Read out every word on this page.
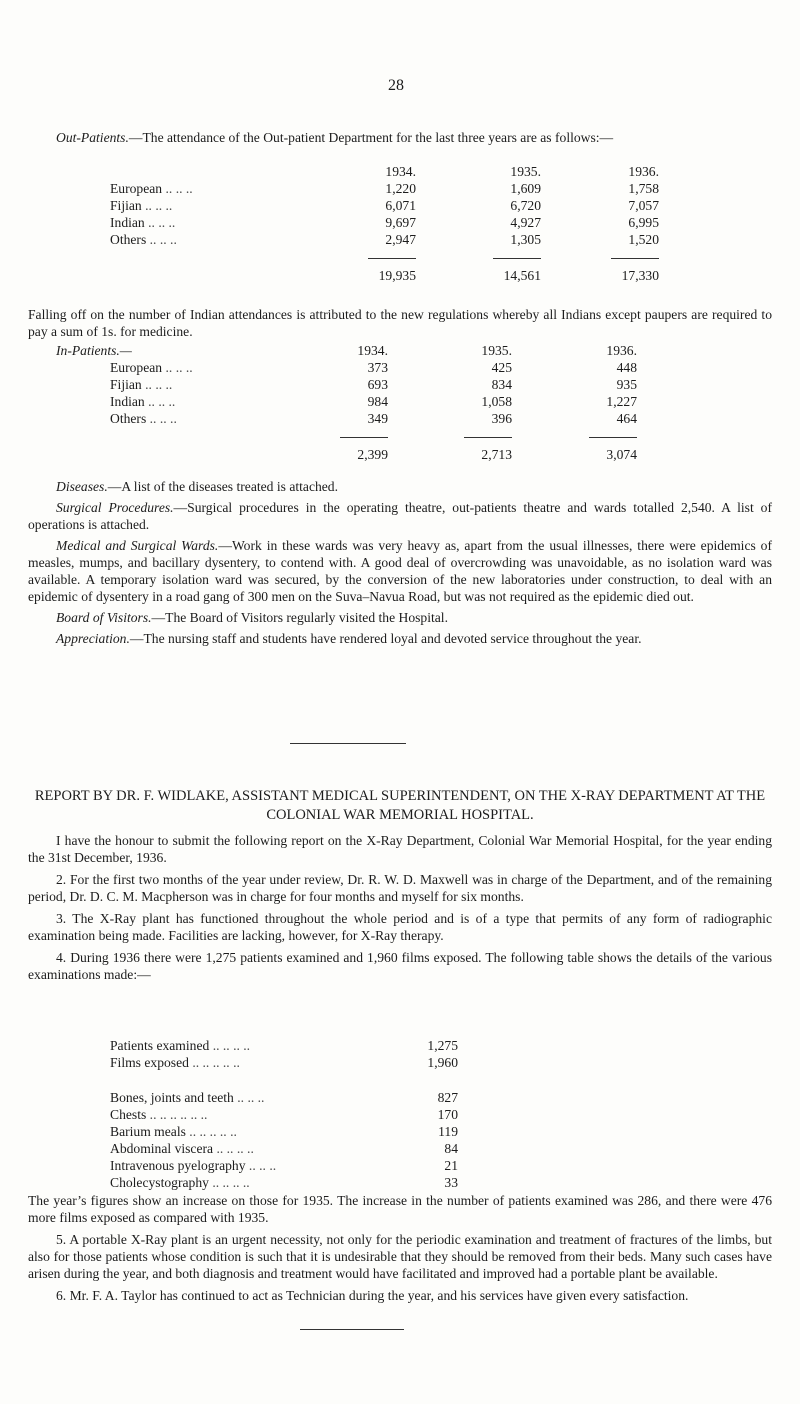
28

Out-Patients.—The attendance of the Out-patient Department for the last three years are as follows:—

	1934.	1935.	1936.
European .. .. ..	1,220	1,609	1,758
Fijian .. .. ..	6,071	6,720	7,057
Indian .. .. ..	9,697	4,927	6,995
Others .. .. ..	2,947	1,305	1,520

	19,935	14,561	17,330

Falling off on the number of Indian attendances is attributed to the new regulations whereby all Indians except paupers are required to pay a sum of 1s. for medicine.

In-Patients.—	1934.	1935.	1936.
European .. .. ..	373	425	448
Fijian .. .. ..	693	834	935
Indian .. .. ..	984	1,058	1,227
Others .. .. ..	349	396	464

	2,399	2,713	3,074

Diseases.—A list of the diseases treated is attached.

Surgical Procedures.—Surgical procedures in the operating theatre, out-patients theatre and wards totalled 2,540. A list of operations is attached.

Medical and Surgical Wards.—Work in these wards was very heavy as, apart from the usual illnesses, there were epidemics of measles, mumps, and bacillary dysentery, to contend with. A good deal of overcrowding was unavoidable, as no isolation ward was available. A temporary isolation ward was secured, by the conversion of the new laboratories under construction, to deal with an epidemic of dysentery in a road gang of 300 men on the Suva–Navua Road, but was not required as the epidemic died out.

Board of Visitors.—The Board of Visitors regularly visited the Hospital.

Appreciation.—The nursing staff and students have rendered loyal and devoted service throughout the year.

REPORT BY DR. F. WIDLAKE, ASSISTANT MEDICAL SUPERINTENDENT, ON THE X-RAY DEPARTMENT AT THE COLONIAL WAR MEMORIAL HOSPITAL.

I have the honour to submit the following report on the X-Ray Department, Colonial War Memorial Hospital, for the year ending the 31st December, 1936.

2. For the first two months of the year under review, Dr. R. W. D. Maxwell was in charge of the Department, and of the remaining period, Dr. D. C. M. Macpherson was in charge for four months and myself for six months.

3. The X-Ray plant has functioned throughout the whole period and is of a type that permits of any form of radiographic examination being made. Facilities are lacking, however, for X-Ray therapy.

4. During 1936 there were 1,275 patients examined and 1,960 films exposed. The following table shows the details of the various examinations made:—

Patients examined .. .. .. ..	1,275
Films exposed .. .. .. .. ..	1,960
Bones, joints and teeth .. .. ..	827
Chests .. .. .. .. .. ..	170
Barium meals .. .. .. .. ..	119
Abdominal viscera .. .. .. ..	84
Intravenous pyelography .. .. ..	21
Cholecystography .. .. .. ..	33

The year’s figures show an increase on those for 1935. The increase in the number of patients examined was 286, and there were 476 more films exposed as compared with 1935.

5. A portable X-Ray plant is an urgent necessity, not only for the periodic examination and treatment of fractures of the limbs, but also for those patients whose condition is such that it is undesirable that they should be removed from their beds. Many such cases have arisen during the year, and both diagnosis and treatment would have facilitated and improved had a portable plant be available.

6. Mr. F. A. Taylor has continued to act as Technician during the year, and his services have given every satisfaction.
